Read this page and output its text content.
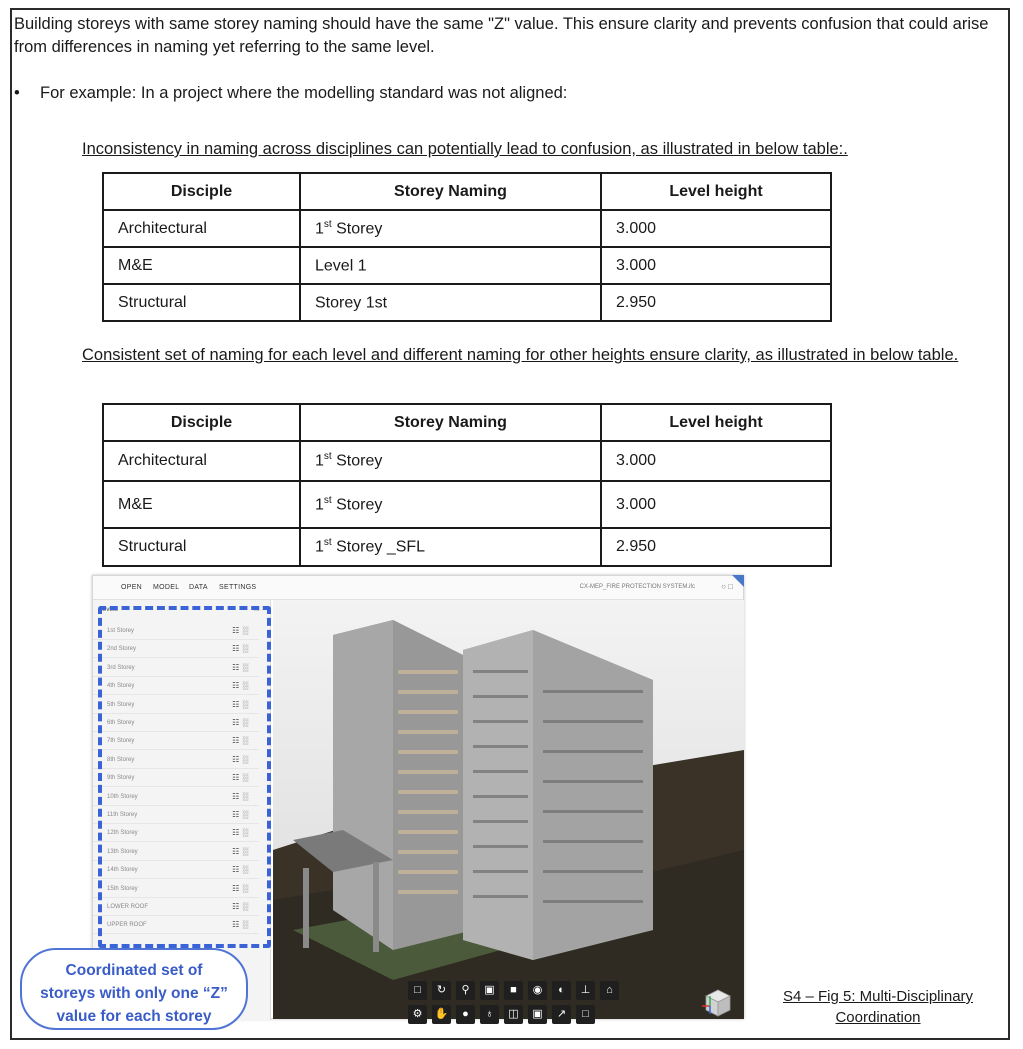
Building storeys with same storey naming should have the same "Z" value. This ensure clarity and prevents confusion that could arise from differences in naming yet referring to the same level.
• For example: In a project where the modelling standard was not aligned:
Inconsistency in naming across disciplines can potentially lead to confusion, as illustrated in below table:.
Disciple	Storey Naming	Level height
Architectural	1st Storey	3.000
M&E	Level 1	3.000
Structural	Storey 1st	2.950
Consistent set of naming for each level and different naming for other heights ensure clarity, as illustrated in below table.
Disciple	Storey Naming	Level height
Architectural	1st Storey	3.000
M&E	1st Storey	3.000
Structural	1st Storey _SFL	2.950
OPEN MODEL DATA SETTINGS	CX-MEP_FIRE PROTECTION SYSTEM.ifc	○ □
Levels	□ ×
1st Storey	☷░
2nd Storey	☷░
3rd Storey	☷░
4th Storey	☷░
5th Storey	☷░
6th Storey	☷░
7th Storey	☷░
8th Storey	☷░
9th Storey	☷░
10th Storey	☷░
11th Storey	☷░
12th Storey	☷░
13th Storey	☷░
14th Storey	☷░
15th Storey	☷░
LOWER ROOF	☷░
UPPER ROOF	☷░
□	↻	⚲	▣	■	◉	◐	⊥	⌂
⚙	✋	●	♁	◫	▣	↗	□
Coordinated set of
storeys with only one “Z”
value for each storey
S4 – Fig 5: Multi-Disciplinary
Coordination
